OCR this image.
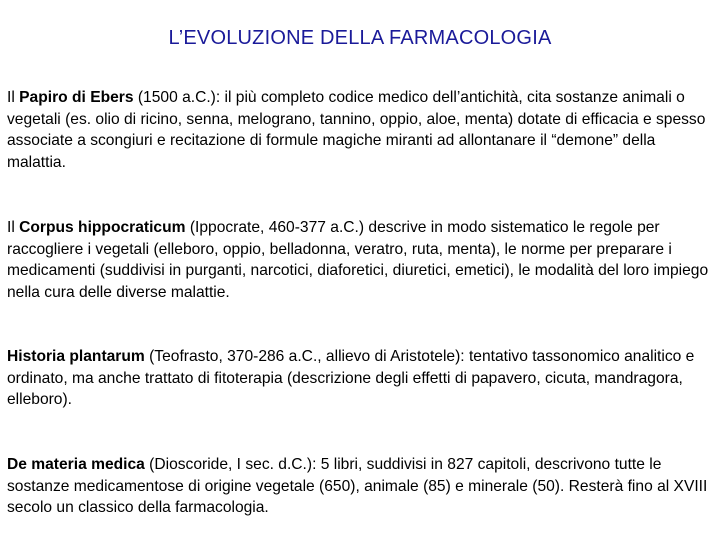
L’EVOLUZIONE DELLA FARMACOLOGIA
Il Papiro di Ebers (1500 a.C.): il più completo codice medico dell’antichità, cita sostanze animali o vegetali (es. olio di ricino, senna, melograno, tannino, oppio, aloe, menta) dotate di efficacia e spesso associate a scongiuri e recitazione di formule magiche miranti ad allontanare il “demone” della malattia.
Il Corpus hippocraticum (Ippocrate, 460-377 a.C.) descrive in modo sistematico le regole per raccogliere i vegetali (elleboro, oppio, belladonna, veratro, ruta, menta), le norme per preparare i medicamenti (suddivisi in purganti, narcotici, diaforetici, diuretici, emetici), le modalità del loro impiego nella cura delle diverse malattie.
Historia plantarum (Teofrasto, 370-286 a.C., allievo di Aristotele): tentativo tassonomico analitico e ordinato, ma anche trattato di fitoterapia (descrizione degli effetti di papavero, cicuta, mandragora, elleboro).
De materia medica (Dioscoride, I sec. d.C.): 5 libri, suddivisi in 827 capitoli, descrivono tutte le sostanze medicamentose di origine vegetale (650), animale (85) e minerale (50). Resterà fino al XVIII secolo un classico della farmacologia.
